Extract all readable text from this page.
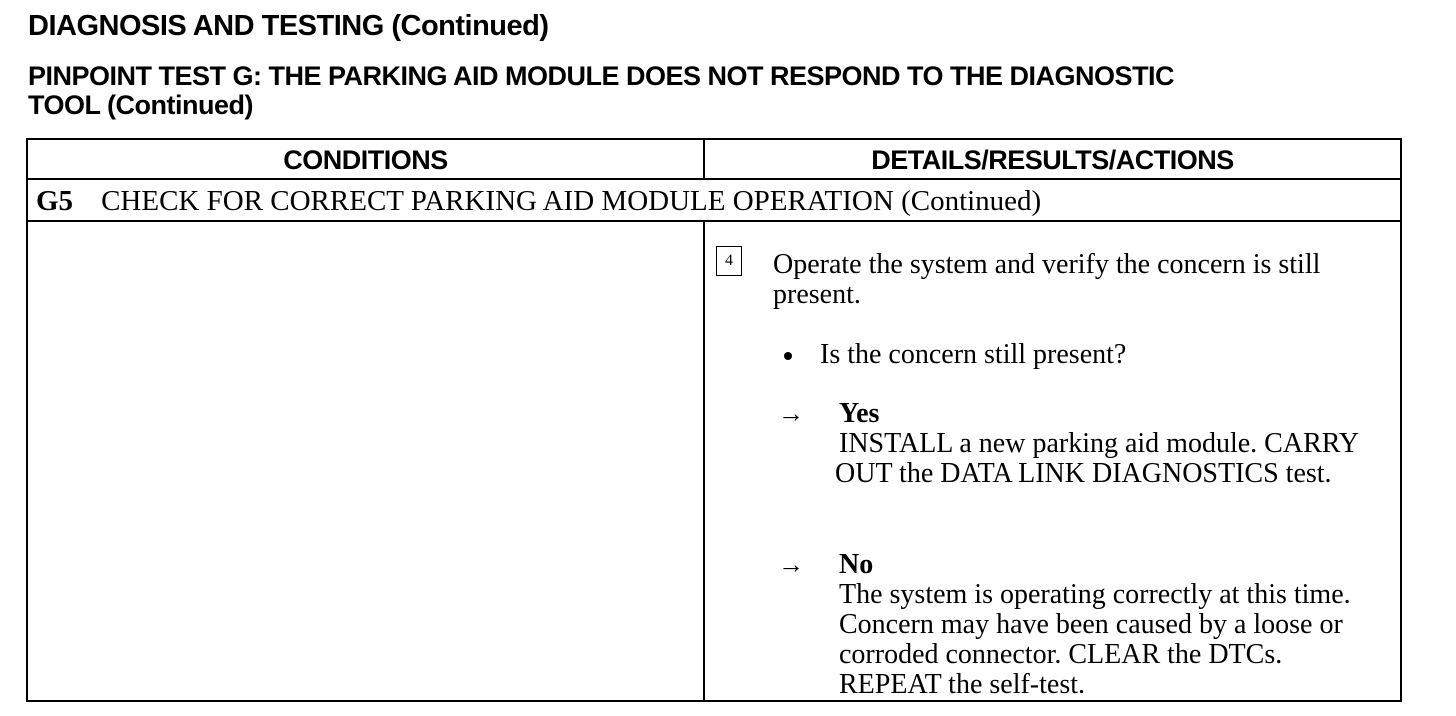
DIAGNOSIS AND TESTING (Continued)
PINPOINT TEST G: THE PARKING AID MODULE DOES NOT RESPOND TO THE DIAGNOSTIC
TOOL (Continued)
CONDITIONS	DETAILS/RESULTS/ACTIONS
G5 CHECK FOR CORRECT PARKING AID MODULE OPERATION (Continued)
4	Operate the system and verify the concern is still
present.
Is the concern still present?
→ Yes
INSTALL a new parking aid module. CARRY
OUT the DATA LINK DIAGNOSTICS test.
→ No
The system is operating correctly at this time.
Concern may have been caused by a loose or
corroded connector. CLEAR the DTCs.
REPEAT the self-test.
